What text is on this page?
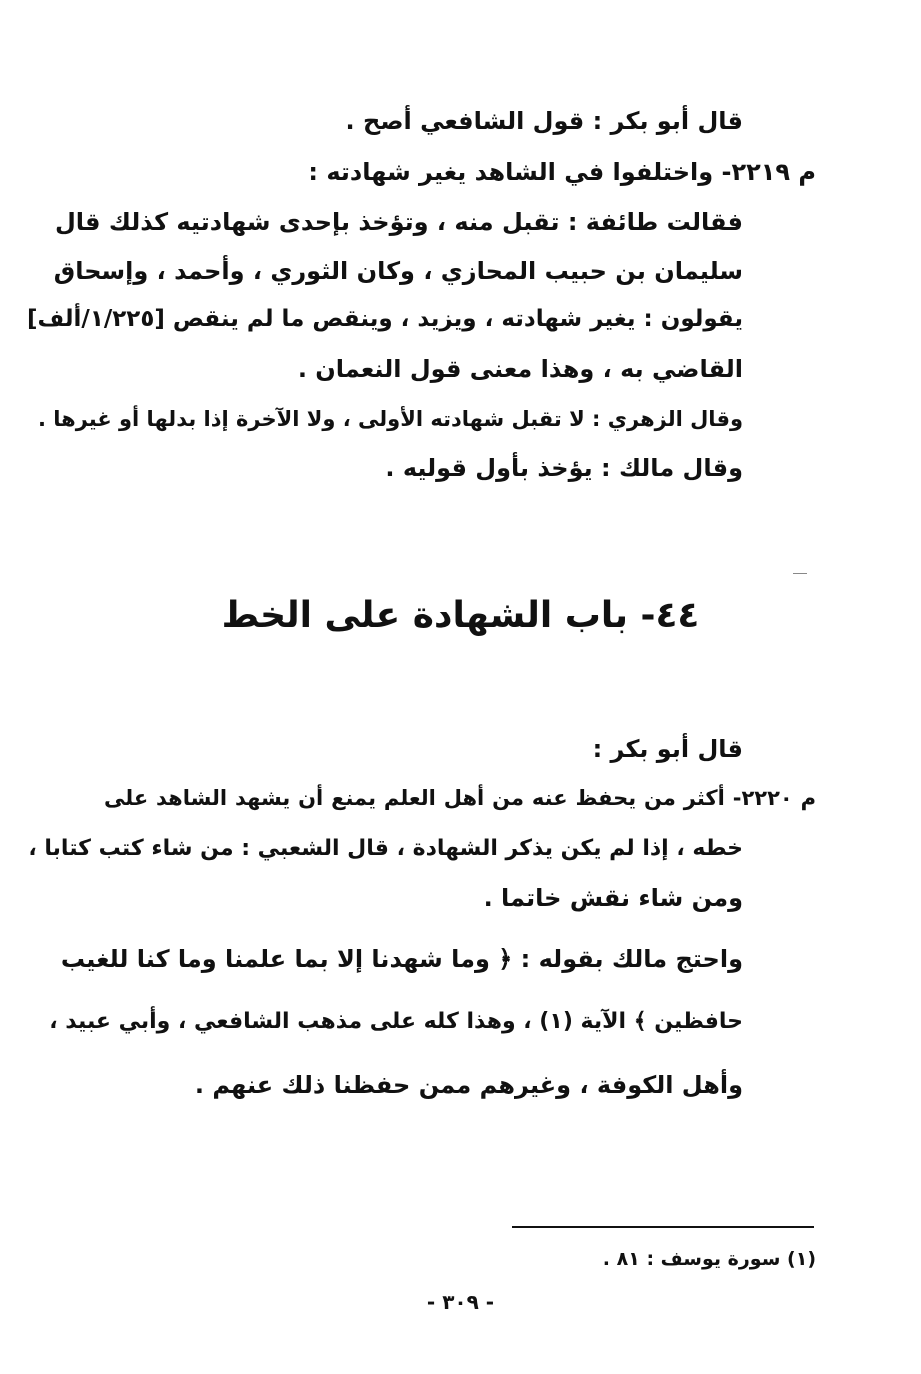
قال أبو بكر : قول الشافعي أصح .
م ٢٢١٩- واختلفوا في الشاهد يغير شهادته :
فقالت طائفة : تقبل منه ، وتؤخذ بإحدى شهادتيه كذلك قال
سليمان بن حبيب المحازي ، وكان الثوري ، وأحمد ، وإسحاق
يقولون : يغير شهادته ، ويزيد ، وينقص ما لم ينقص [١/٢٢٥/ألف]
القاضي به ، وهذا معنى قول النعمان .
وقال الزهري : لا تقبل شهادته الأولى ، ولا الآخرة إذا بدلها أو غيرها .
وقال مالك : يؤخذ بأول قوليه .
٤٤- باب الشهادة على الخط
قال أبو بكر :
م ٢٢٢٠- أكثر من يحفظ عنه من أهل العلم يمنع أن يشهد الشاهد على
خطه ، إذا لم يكن يذكر الشهادة ، قال الشعبي : من شاء كتب كتابا ،
ومن شاء نقش خاتما .
واحتج مالك بقوله : ﴿ وما شهدنا إلا بما علمنا وما كنا للغيب
حافظين ﴾ الآية (١) ، وهذا كله على مذهب الشافعي ، وأبي عبيد ،
وأهل الكوفة ، وغيرهم ممن حفظنا ذلك عنهم .
(١) سورة يوسف : ٨١ .
- ٣٠٩ -
